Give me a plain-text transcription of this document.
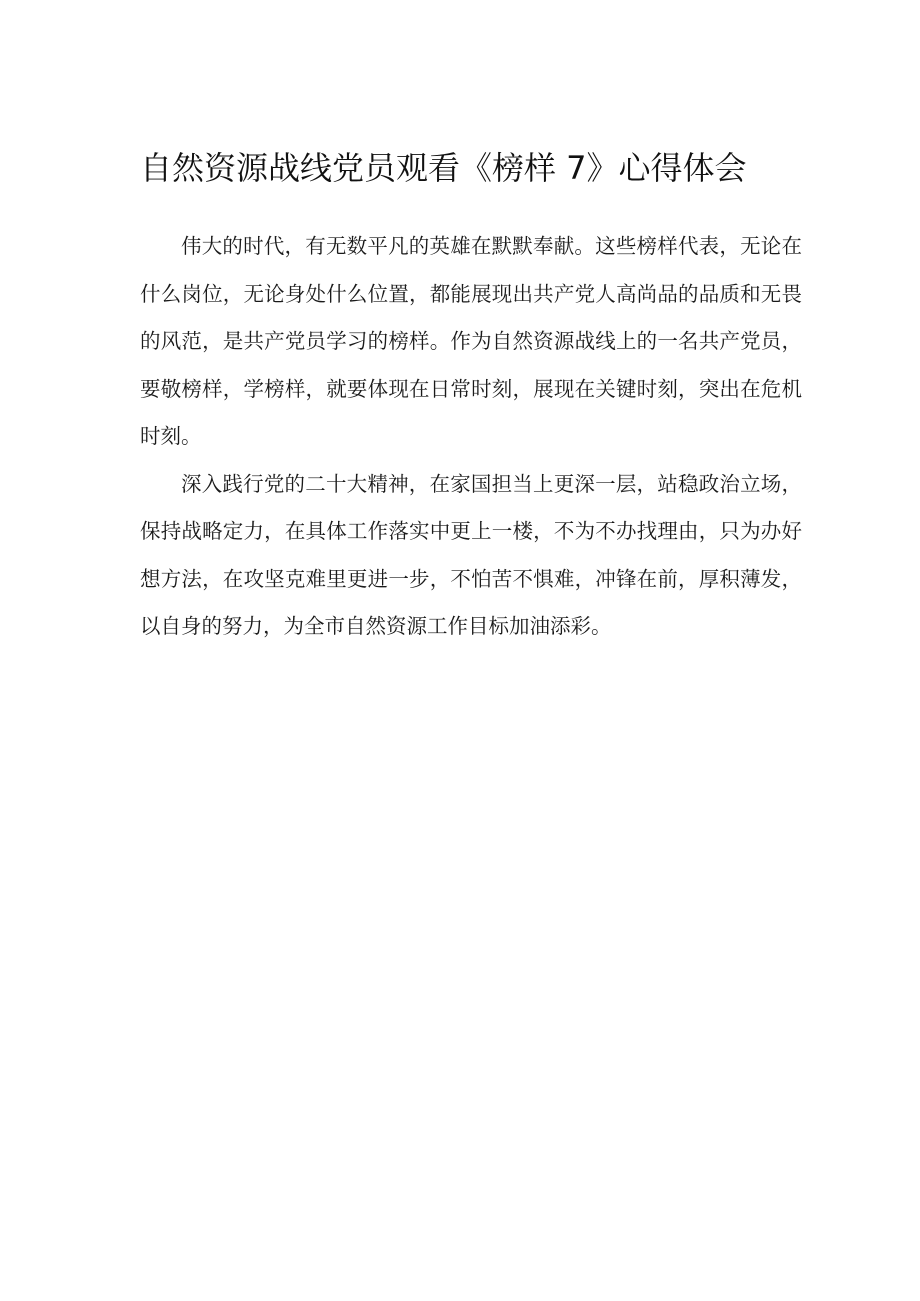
自然资源战线党员观看《榜样 7》心得体会

伟大的时代，有无数平凡的英雄在默默奉献。这些榜样代表，无论在什么岗位，无论身处什么位置，都能展现出共产党人高尚品的品质和无畏的风范，是共产党员学习的榜样。作为自然资源战线上的一名共产党员，要敬榜样，学榜样，就要体现在日常时刻，展现在关键时刻，突出在危机时刻。

深入践行党的二十大精神，在家国担当上更深一层，站稳政治立场，保持战略定力，在具体工作落实中更上一楼，不为不办找理由，只为办好想方法，在攻坚克难里更进一步，不怕苦不惧难，冲锋在前，厚积薄发，以自身的努力，为全市自然资源工作目标加油添彩。
